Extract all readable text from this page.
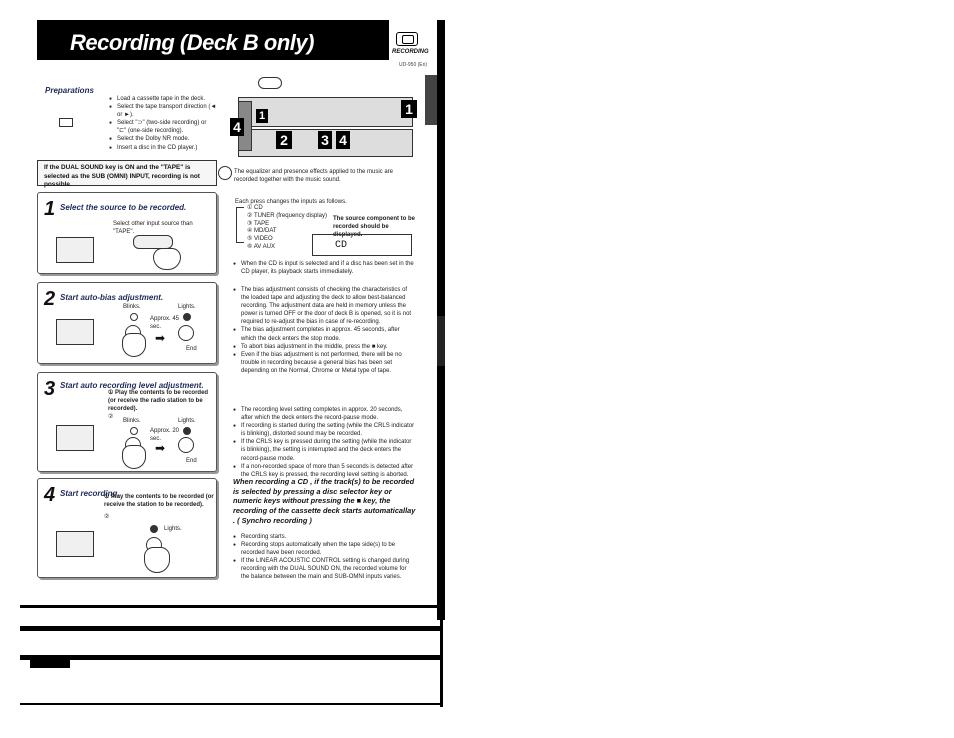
Recording (Deck B only)	RECORDING
UD-950 (En)
Preparations
● Load a cassette tape in the deck.
● Select the tape transport direction (◄ or ►).
● Select "⊃" (two-side recording) or "⊏" (one-side recording).
● Select the Dolby NR mode.
● Insert a disc in the CD player.)
If the DUAL SOUND key is ON and the "TAPE" is selected as the SUB (OMNI) INPUT, recording is not possible.
1
4
2 3 4
1
The equalizer and presence effects applied to the music are recorded together with the music sound.
1 Select the source to be recorded.
Select other input source than "TAPE".
Each press changes the inputs as follows.
① CD
② TUNER (frequency display)
③ TAPE
④ MD/DAT
⑤ VIDEO
⑥ AV AUX
The source component to be recorded should be displayed.
CD
● When the CD is input is selected and if a disc has been set in the CD player, its playback starts immediately.
2 Start auto-bias adjustment.
Blinks.	Lights.
Approx. 45 sec.
➡
End
● The bias adjustment consists of checking the characteristics of the loaded tape and adjusting the deck to allow best-balanced recording. The adjustment data are held in memory unless the power is turned OFF or the door of deck B is opened, so it is not required to re-adjust the bias in case of re-recording.
● The bias adjustment completes in approx. 45 seconds, after which the deck enters the stop mode.
● To abort bias adjustment in the middle, press the ■ key.
● Even if the bias adjustment is not performed, there will be no trouble in recording because a general bias has been set depending on the Normal, Chrome or Metal type of tape.
3 Start auto recording level adjustment.
① Play the contents to be recorded (or receive the radio station to be recorded).
②
Blinks.	Lights.
Approx. 20 sec.
➡
End
● The recording level setting completes in approx. 20 seconds, after which the deck enters the record-pause mode.
● If recording is started during the setting (while the CRLS indicator is blinking), distorted sound may be recorded.
● If the CRLS key is pressed during the setting (while the indicator is blinking), the setting is interrupted and the deck enters the record-pause mode.
● If a non-recorded space of more than 5 seconds is detected after the CRLS key is pressed, the recording level setting is aborted.
When recording a CD , if the track(s) to be recorded is selected by pressing a disc selector key or numeric keys without pressing the ■ key, the recording of the cassette deck starts automaticallay . ( Synchro recording )
4 Start recording.
① Play the contents to be recorded (or receive the station to be recorded).
②
Lights.
● Recording starts.
● Recording stops automatically when the tape side(s) to be recorded have been recorded.
● If the LINEAR ACOUSTIC CONTROL setting is changed during recording with the DUAL SOUND ON, the recorded volume for the balance between the main and SUB-OMNI inputs varies.
